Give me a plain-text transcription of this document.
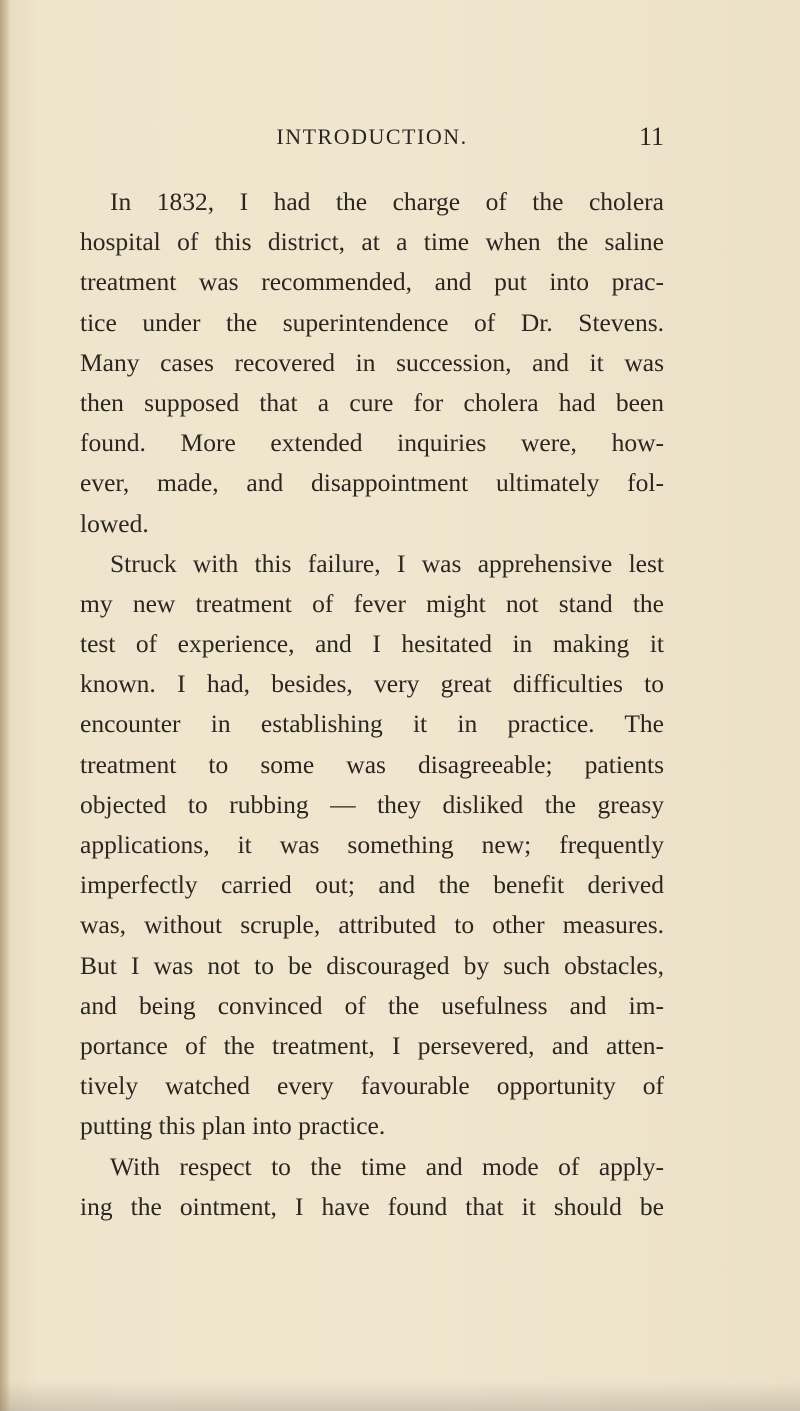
INTRODUCTION.	11
In 1832, I had the charge of the cholera
hospital of this district, at a time when the saline
treatment was recommended, and put into prac-
tice under the superintendence of Dr. Stevens.
Many cases recovered in succession, and it was
then supposed that a cure for cholera had been
found. More extended inquiries were, how-
ever, made, and disappointment ultimately fol-
lowed.
Struck with this failure, I was apprehensive lest
my new treatment of fever might not stand the
test of experience, and I hesitated in making it
known. I had, besides, very great difficulties to
encounter in establishing it in practice. The
treatment to some was disagreeable; patients
objected to rubbing — they disliked the greasy
applications, it was something new; frequently
imperfectly carried out; and the benefit derived
was, without scruple, attributed to other measures.
But I was not to be discouraged by such obstacles,
and being convinced of the usefulness and im-
portance of the treatment, I persevered, and atten-
tively watched every favourable opportunity of
putting this plan into practice.
With respect to the time and mode of apply-
ing the ointment, I have found that it should be
